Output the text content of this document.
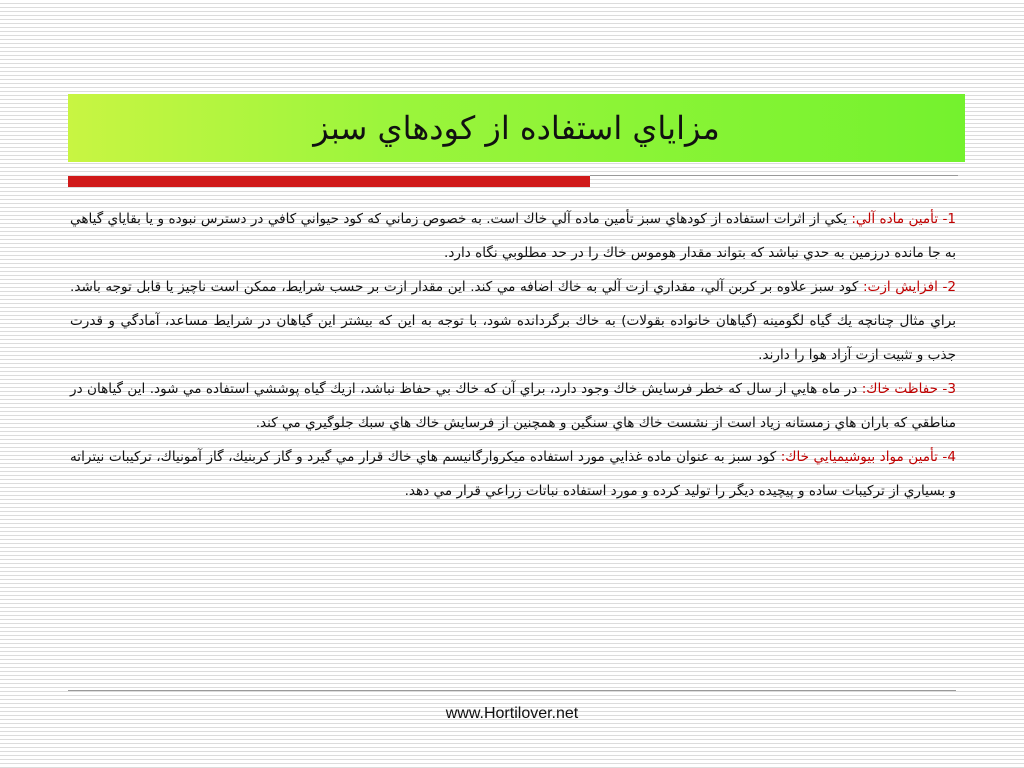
مزاياي استفاده از كودهاي سبز

1- تأمين ماده آلي: يكي از اثرات استفاده از كودهاي سبز تأمين ماده آلي خاك است. به خصوص زماني كه كود حيواني كافي در دسترس نبوده و يا بقاياي گياهي به جا مانده درزمين به حدي نباشد كه بتواند مقدار هوموس خاك را در حد مطلوبي نگاه دارد.

2- افزايش ازت: كود سبز علاوه بر كربن آلي، مقداري ازت آلي به خاك اضافه مي كند. اين مقدار ازت بر حسب شرايط، ممكن است ناچيز يا قابل توجه باشد. براي مثال چنانچه يك گياه لگومينه (گياهان خانواده بقولات) به خاك برگردانده شود، با توجه به اين كه بيشتر اين گياهان در شرايط مساعد، آمادگي و قدرت جذب و تثبيت ازت آزاد هوا را دارند.

3- حفاظت خاك: در ماه هايي از سال كه خطر فرسايش خاك وجود دارد، براي آن كه خاك بي حفاظ نباشد، ازيك گياه پوششي استفاده مي شود. اين گياهان در مناطقي كه باران هاي زمستانه زياد است از نشست خاك هاي سنگين و همچنين از فرسايش خاك هاي سبك جلوگيري مي كند.

4- تأمين مواد بيوشيميايي خاك: كود سبز به عنوان ماده غذايي مورد استفاده ميكروارگانيسم هاي خاك قرار مي گيرد و گاز كربنيك، گاز آمونياك، تركيبات نيتراته و بسياري از تركيبات ساده و پيچيده ديگر را توليد كرده و مورد استفاده نباتات زراعي قرار مي دهد.

www.Hortilover.net
